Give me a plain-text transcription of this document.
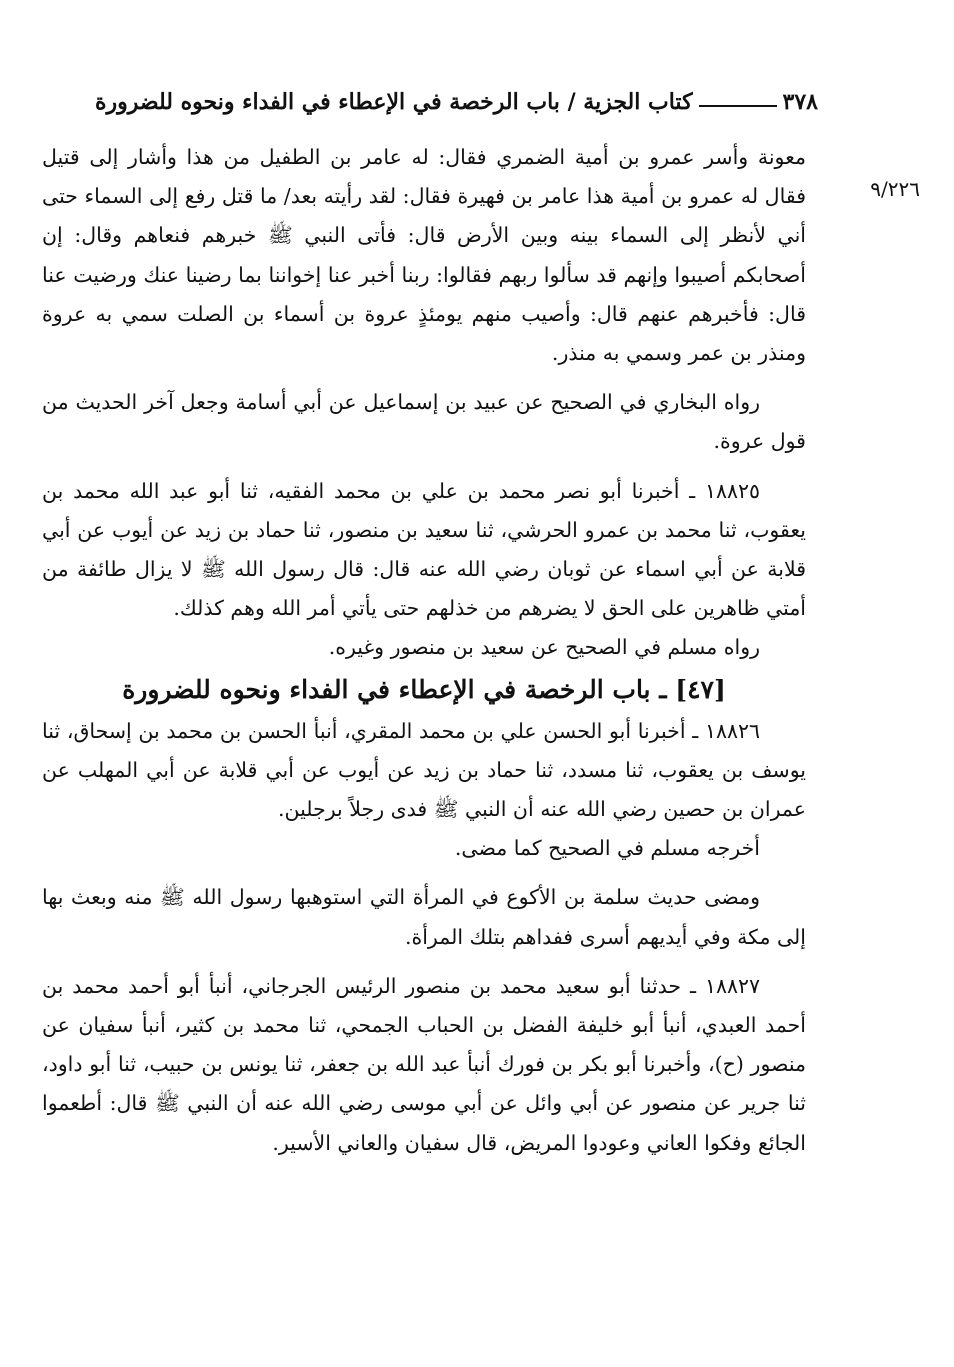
٣٧٨
كتاب الجزية / باب الرخصة في الإعطاء في الفداء ونحوه للضرورة
٩/٢٢٦

معونة وأسر عمرو بن أمية الضمري فقال: له عامر بن الطفيل من هذا وأشار إلى قتيل فقال له عمرو بن أمية هذا عامر بن فهيرة فقال: لقد رأيته بعد/ ما قتل رفع إلى السماء حتى أني لأنظر إلى السماء بينه وبين الأرض قال: فأتى النبي ﷺ خبرهم فنعاهم وقال: إن أصحابكم أصيبوا وإنهم قد سألوا ربهم فقالوا: ربنا أخبر عنا إخواننا بما رضينا عنك ورضيت عنا قال: فأخبرهم عنهم قال: وأصيب منهم يومئذٍ عروة بن أسماء بن الصلت سمي به عروة ومنذر بن عمر وسمي به منذر.

رواه البخاري في الصحيح عن عبيد بن إسماعيل عن أبي أسامة وجعل آخر الحديث من قول عروة.

١٨٨٢٥ ـ أخبرنا أبو نصر محمد بن علي بن محمد الفقيه، ثنا أبو عبد الله محمد بن يعقوب، ثنا محمد بن عمرو الحرشي، ثنا سعيد بن منصور، ثنا حماد بن زيد عن أيوب عن أبي قلابة عن أبي اسماء عن ثوبان رضي الله عنه قال: قال رسول الله ﷺ لا يزال طائفة من أمتي ظاهرين على الحق لا يضرهم من خذلهم حتى يأتي أمر الله وهم كذلك.

رواه مسلم في الصحيح عن سعيد بن منصور وغيره.

[٤٧] ـ باب الرخصة في الإعطاء في الفداء ونحوه للضرورة

١٨٨٢٦ ـ أخبرنا أبو الحسن علي بن محمد المقري، أنبأ الحسن بن محمد بن إسحاق، ثنا يوسف بن يعقوب، ثنا مسدد، ثنا حماد بن زيد عن أيوب عن أبي قلابة عن أبي المهلب عن عمران بن حصين رضي الله عنه أن النبي ﷺ فدى رجلاً برجلين.

أخرجه مسلم في الصحيح كما مضى.

ومضى حديث سلمة بن الأكوع في المرأة التي استوهبها رسول الله ﷺ منه وبعث بها إلى مكة وفي أيديهم أسرى ففداهم بتلك المرأة.

١٨٨٢٧ ـ حدثنا أبو سعيد محمد بن منصور الرئيس الجرجاني، أنبأ أبو أحمد محمد بن أحمد العبدي، أنبأ أبو خليفة الفضل بن الحباب الجمحي، ثنا محمد بن كثير، أنبأ سفيان عن منصور (ح)، وأخبرنا أبو بكر بن فورك أنبأ عبد الله بن جعفر، ثنا يونس بن حبيب، ثنا أبو داود، ثنا جرير عن منصور عن أبي وائل عن أبي موسى رضي الله عنه أن النبي ﷺ قال: أطعموا الجائع وفكوا العاني وعودوا المريض، قال سفيان والعاني الأسير.
